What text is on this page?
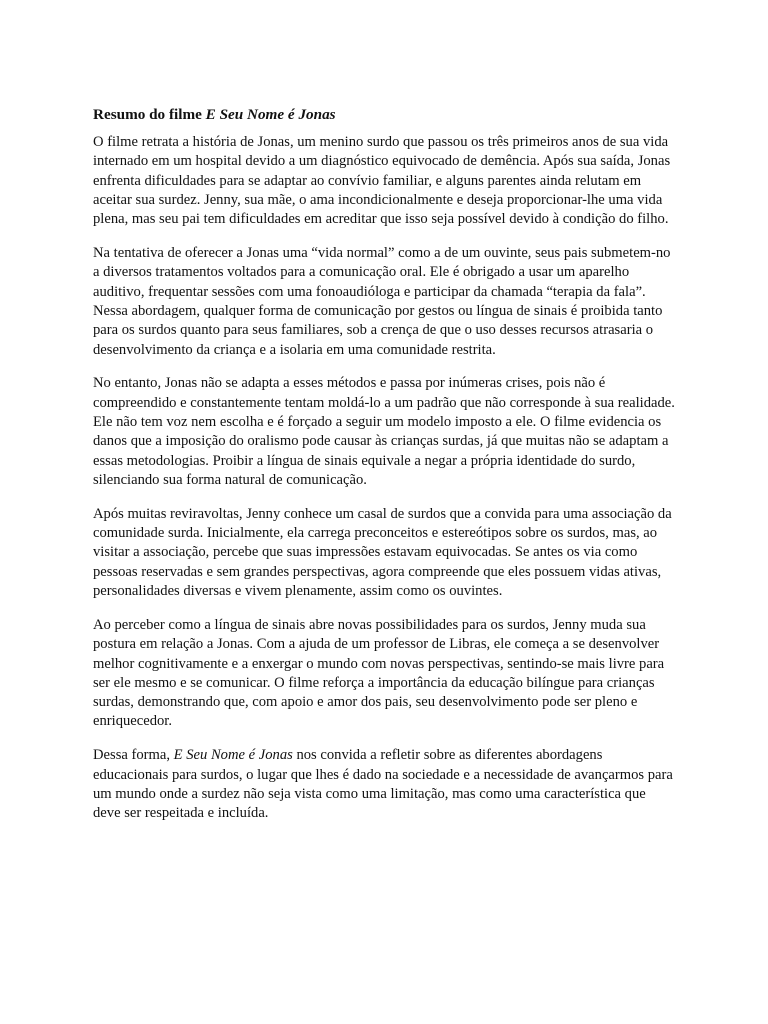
Resumo do filme E Seu Nome é Jonas

O filme retrata a história de Jonas, um menino surdo que passou os três primeiros anos de sua vida internado em um hospital devido a um diagnóstico equivocado de demência. Após sua saída, Jonas enfrenta dificuldades para se adaptar ao convívio familiar, e alguns parentes ainda relutam em aceitar sua surdez. Jenny, sua mãe, o ama incondicionalmente e deseja proporcionar-lhe uma vida plena, mas seu pai tem dificuldades em acreditar que isso seja possível devido à condição do filho.

Na tentativa de oferecer a Jonas uma “vida normal” como a de um ouvinte, seus pais submetem-no a diversos tratamentos voltados para a comunicação oral. Ele é obrigado a usar um aparelho auditivo, frequentar sessões com uma fonoaudióloga e participar da chamada “terapia da fala”. Nessa abordagem, qualquer forma de comunicação por gestos ou língua de sinais é proibida tanto para os surdos quanto para seus familiares, sob a crença de que o uso desses recursos atrasaria o desenvolvimento da criança e a isolaria em uma comunidade restrita.

No entanto, Jonas não se adapta a esses métodos e passa por inúmeras crises, pois não é compreendido e constantemente tentam moldá-lo a um padrão que não corresponde à sua realidade. Ele não tem voz nem escolha e é forçado a seguir um modelo imposto a ele. O filme evidencia os danos que a imposição do oralismo pode causar às crianças surdas, já que muitas não se adaptam a essas metodologias. Proibir a língua de sinais equivale a negar a própria identidade do surdo, silenciando sua forma natural de comunicação.

Após muitas reviravoltas, Jenny conhece um casal de surdos que a convida para uma associação da comunidade surda. Inicialmente, ela carrega preconceitos e estereótipos sobre os surdos, mas, ao visitar a associação, percebe que suas impressões estavam equivocadas. Se antes os via como pessoas reservadas e sem grandes perspectivas, agora compreende que eles possuem vidas ativas, personalidades diversas e vivem plenamente, assim como os ouvintes.

Ao perceber como a língua de sinais abre novas possibilidades para os surdos, Jenny muda sua postura em relação a Jonas. Com a ajuda de um professor de Libras, ele começa a se desenvolver melhor cognitivamente e a enxergar o mundo com novas perspectivas, sentindo-se mais livre para ser ele mesmo e se comunicar. O filme reforça a importância da educação bilíngue para crianças surdas, demonstrando que, com apoio e amor dos pais, seu desenvolvimento pode ser pleno e enriquecedor.

Dessa forma, E Seu Nome é Jonas nos convida a refletir sobre as diferentes abordagens educacionais para surdos, o lugar que lhes é dado na sociedade e a necessidade de avançarmos para um mundo onde a surdez não seja vista como uma limitação, mas como uma característica que deve ser respeitada e incluída.
